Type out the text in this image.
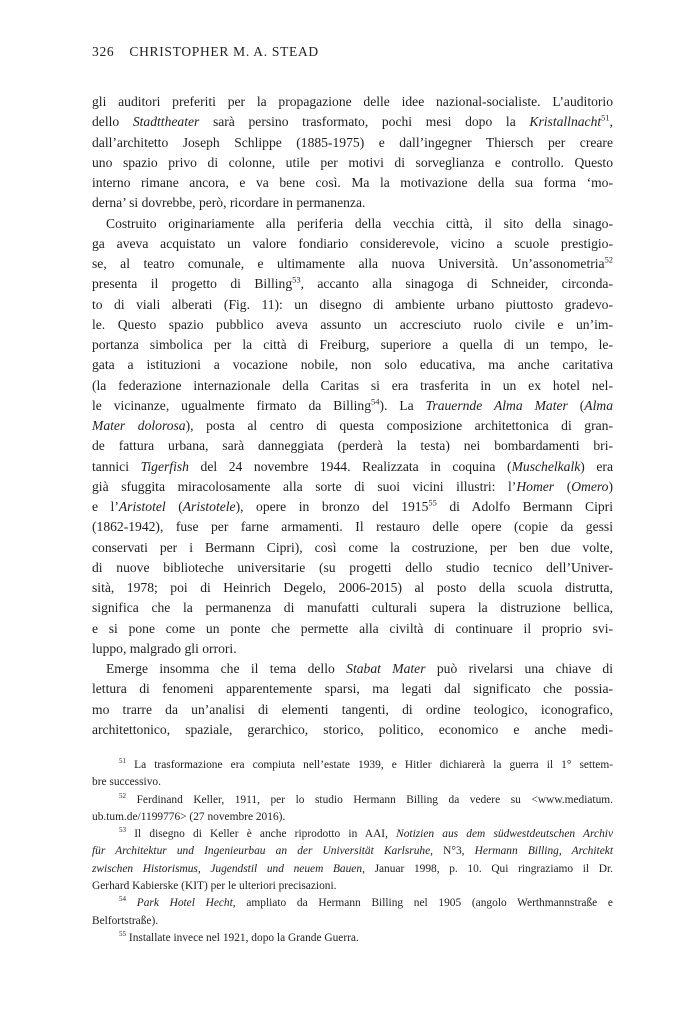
326 CHRISTOPHER M. A. STEAD
gli auditori preferiti per la propagazione delle idee nazional-socialiste. L’auditorio
dello Stadttheater sarà persino trasformato, pochi mesi dopo la Kristallnacht$^{51}$,
dall’architetto Joseph Schlippe (1885-1975) e dall’ingegner Thiersch per creare
uno spazio privo di colonne, utile per motivi di sorveglianza e controllo. Questo
interno rimane ancora, e va bene così. Ma la motivazione della sua forma ‘mo-
derna’ si dovrebbe, però, ricordare in permanenza.
Costruito originariamente alla periferia della vecchia città, il sito della sinago-
ga aveva acquistato un valore fondiario considerevole, vicino a scuole prestigio-
se, al teatro comunale, e ultimamente alla nuova Università. Un’assonometria$^{52}$
presenta il progetto di Billing$^{53}$, accanto alla sinagoga di Schneider, circonda-
to di viali alberati (Fig. 11): un disegno di ambiente urbano piuttosto gradevo-
le. Questo spazio pubblico aveva assunto un accresciuto ruolo civile e un’im-
portanza simbolica per la città di Freiburg, superiore a quella di un tempo, le-
gata a istituzioni a vocazione nobile, non solo educativa, ma anche caritativa
(la federazione internazionale della Caritas si era trasferita in un ex hotel nel-
le vicinanze, ugualmente firmato da Billing$^{54}$). La Trauernde Alma Mater (Alma
Mater dolorosa), posta al centro di questa composizione architettonica di gran-
de fattura urbana, sarà danneggiata (perderà la testa) nei bombardamenti bri-
tannici Tigerfish del 24 novembre 1944. Realizzata in coquina (Muschelkalk) era
già sfuggita miracolosamente alla sorte di suoi vicini illustri: l’Homer (Omero)
e l’Aristotel (Aristotele), opere in bronzo del 1915$^{55}$ di Adolfo Bermann Cipri
(1862-1942), fuse per farne armamenti. Il restauro delle opere (copie da gessi
conservati per i Bermann Cipri), così come la costruzione, per ben due volte,
di nuove biblioteche universitarie (su progetti dello studio tecnico dell’Univer-
sità, 1978; poi di Heinrich Degelo, 2006-2015) al posto della scuola distrutta,
significa che la permanenza di manufatti culturali supera la distruzione bellica,
e si pone come un ponte che permette alla civiltà di continuare il proprio svi-
luppo, malgrado gli orrori.
Emerge insomma che il tema dello Stabat Mater può rivelarsi una chiave di
lettura di fenomeni apparentemente sparsi, ma legati dal significato che possia-
mo trarre da un’analisi di elementi tangenti, di ordine teologico, iconografico,
architettonico, spaziale, gerarchico, storico, politico, economico e anche medi-
$^{51}$ La trasformazione era compiuta nell’estate 1939, e Hitler dichiarerà la guerra il 1° settem-
bre successivo.
$^{52}$ Ferdinand Keller, 1911, per lo studio Hermann Billing da vedere su <www.mediatum.
ub.tum.de/1199776> (27 novembre 2016).
$^{53}$ Il disegno di Keller è anche riprodotto in AAI, Notizien aus dem südwestdeutschen Archiv
für Architektur und Ingenieurbau an der Universität Karlsruhe, N°3, Hermann Billing, Architekt
zwischen Historismus, Jugendstil und neuem Bauen, Januar 1998, p. 10. Qui ringraziamo il Dr.
Gerhard Kabierske (KIT) per le ulteriori precisazioni.
$^{54}$ Park Hotel Hecht, ampliato da Hermann Billing nel 1905 (angolo Werthmannstraße e
Belfortstraße).
$^{55}$ Installate invece nel 1921, dopo la Grande Guerra.
